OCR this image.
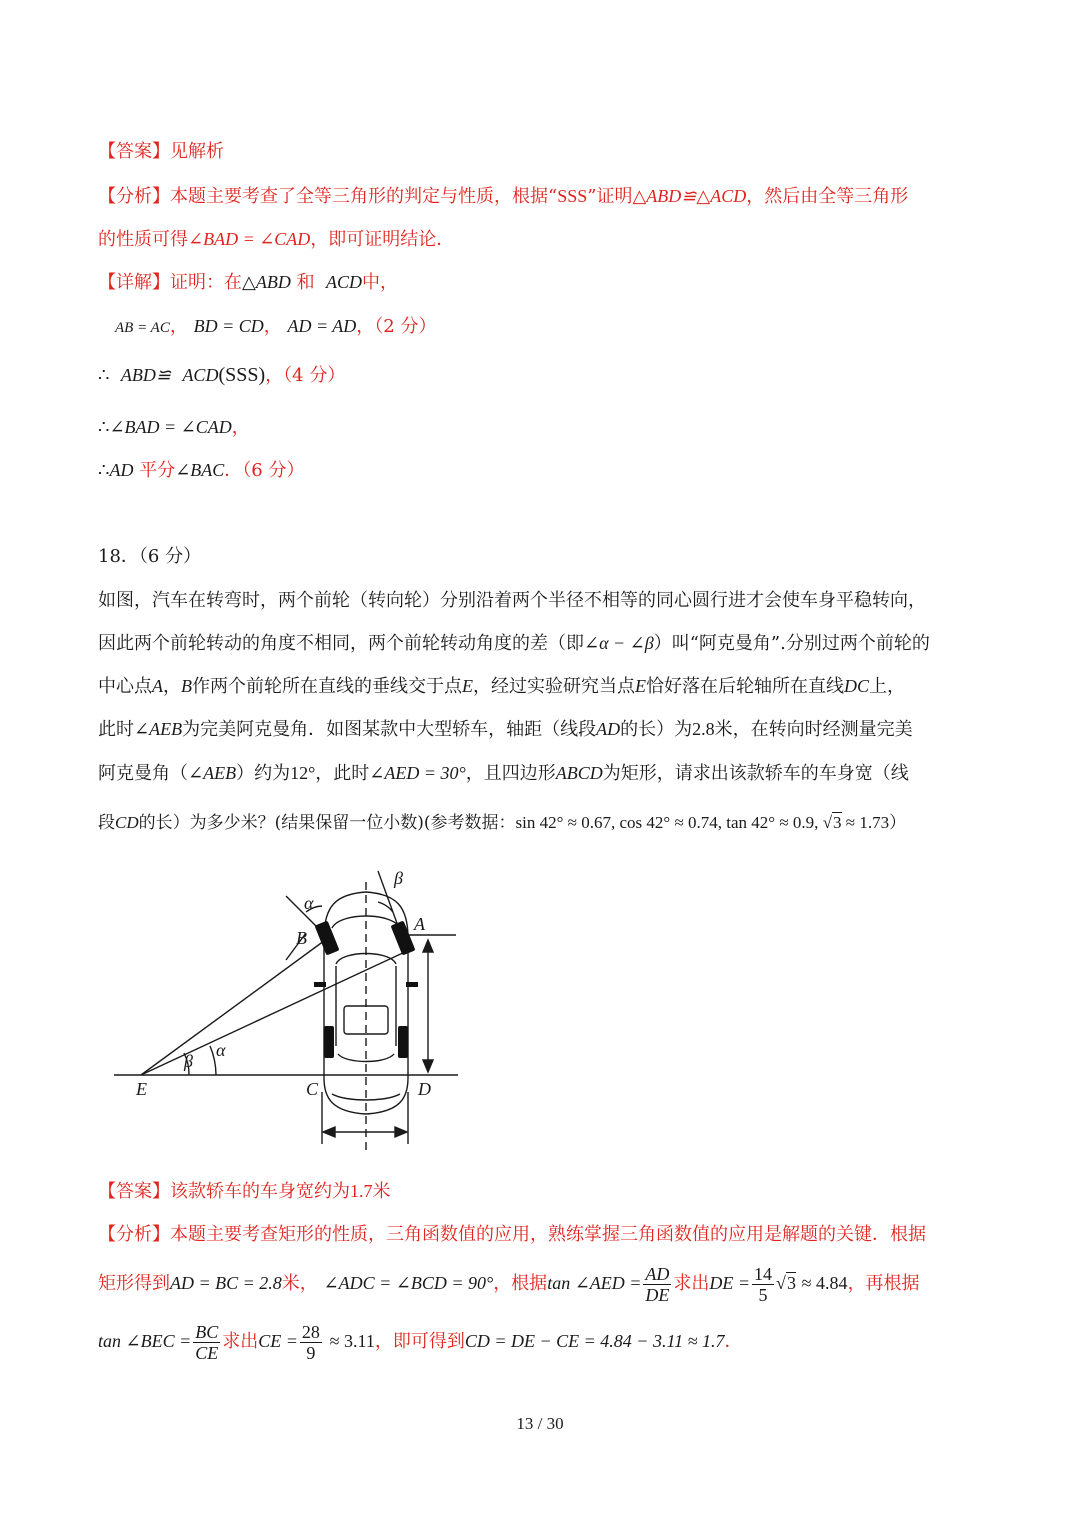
【答案】见解析
【分析】本题主要考查了全等三角形的判定与性质，根据“SSS”证明△ABD≌△ACD，然后由全等三角形
的性质可得∠BAD = ∠CAD，即可证明结论．
【详解】证明：在△ABD 和 ACD中，
AB = AC， BD = CD， AD = AD，（2 分）
∴ ABD≌ ACD(SSS)，（4 分）
∴∠BAD = ∠CAD，
∴AD 平分∠BAC．（6 分）
18．（6 分）
如图，汽车在转弯时，两个前轮（转向轮）分别沿着两个半径不相等的同心圆行进才会使车身平稳转向，
因此两个前轮转动的角度不相同，两个前轮转动角度的差（即∠α − ∠β）叫“阿克曼角”.分别过两个前轮的
中心点A，B作两个前轮所在直线的垂线交于点E，经过实验研究当点E恰好落在后轮轴所在直线DC上，
此时∠AEB为完美阿克曼角．如图某款中大型轿车，轴距（线段AD的长）为2.8米，在转向时经测量完美
阿克曼角（∠AEB）约为12°，此时∠AED = 30°，且四边形ABCD为矩形，请求出该款轿车的车身宽（线
段CD的长）为多少米？(结果保留一位小数)(参考数据：sin 42° ≈ 0.67, cos 42° ≈ 0.74, tan 42° ≈ 0.9, √3 ≈ 1.73）
α
β
B
A
E	C	D
β
α
【答案】该款轿车的车身宽约为1.7米
【分析】本题主要考查矩形的性质，三角函数值的应用，熟练掌握三角函数值的应用是解题的关键．根据
矩形得到AD = BC = 2.8米， ∠ADC = ∠BCD = 90°，根据tan ∠AED = $\frac{AD}{DE}$ 求出DE = $\frac{14}{5} √3 \approx 4.84$，再根据
tan ∠BEC = $\frac{BC}{CE}$ 求出CE = $\frac{28}{9} \approx 3.11$，即可得到CD = DE − CE = 4.84 − 3.11 ≈ 1.7．
13 / 30
